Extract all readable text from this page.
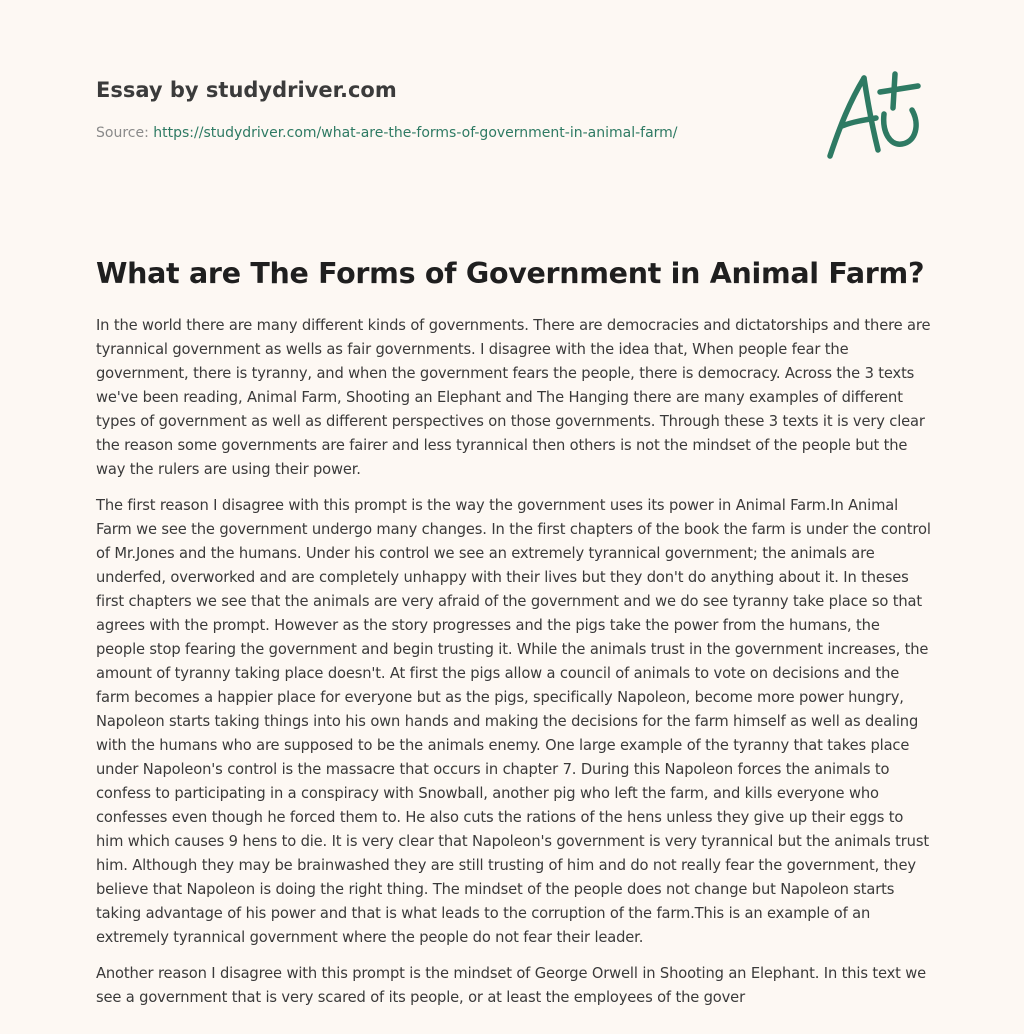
Essay by studydriver.com
Source: https://studydriver.com/what-are-the-forms-of-government-in-animal-farm/
What are The Forms of Government in Animal Farm?

In the world there are many different kinds of governments. There are democracies and dictatorships and there are tyrannical government as wells as fair governments. I disagree with the idea that, When people fear the government, there is tyranny, and when the government fears the people, there is democracy. Across the 3 texts we've been reading, Animal Farm, Shooting an Elephant and The Hanging there are many examples of different types of government as well as different perspectives on those governments. Through these 3 texts it is very clear the reason some governments are fairer and less tyrannical then others is not the mindset of the people but the way the rulers are using their power.

The first reason I disagree with this prompt is the way the government uses its power in Animal Farm.In Animal Farm we see the government undergo many changes. In the first chapters of the book the farm is under the control of Mr.Jones and the humans. Under his control we see an extremely tyrannical government; the animals are underfed, overworked and are completely unhappy with their lives but they don't do anything about it. In theses first chapters we see that the animals are very afraid of the government and we do see tyranny take place so that agrees with the prompt. However as the story progresses and the pigs take the power from the humans, the people stop fearing the government and begin trusting it. While the animals trust in the government increases, the amount of tyranny taking place doesn't. At first the pigs allow a council of animals to vote on decisions and the farm becomes a happier place for everyone but as the pigs, specifically Napoleon, become more power hungry, Napoleon starts taking things into his own hands and making the decisions for the farm himself as well as dealing with the humans who are supposed to be the animals enemy. One large example of the tyranny that takes place under Napoleon's control is the massacre that occurs in chapter 7. During this Napoleon forces the animals to confess to participating in a conspiracy with Snowball, another pig who left the farm, and kills everyone who confesses even though he forced them to. He also cuts the rations of the hens unless they give up their eggs to him which causes 9 hens to die. It is very clear that Napoleon's government is very tyrannical but the animals trust him. Although they may be brainwashed they are still trusting of him and do not really fear the government, they believe that Napoleon is doing the right thing. The mindset of the people does not change but Napoleon starts taking advantage of his power and that is what leads to the corruption of the farm.This is an example of an extremely tyrannical government where the people do not fear their leader.

Another reason I disagree with this prompt is the mindset of George Orwell in Shooting an Elephant. In this text we see a government that is very scared of its people, or at least the employees of the gover
